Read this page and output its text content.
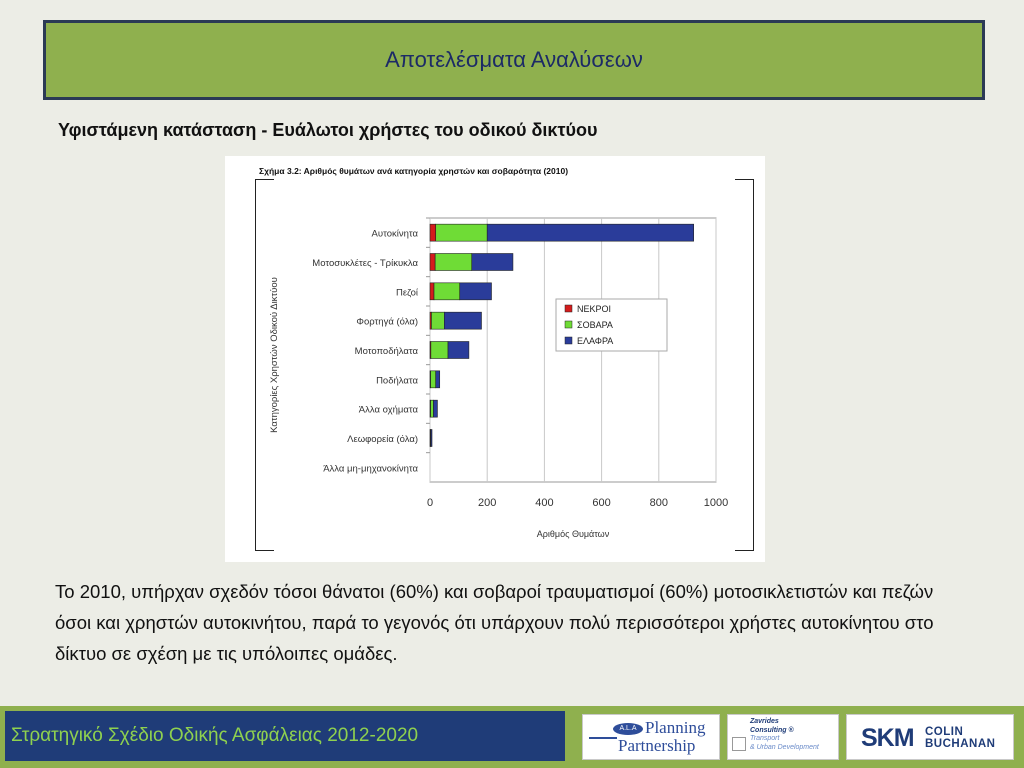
Αποτελέσματα Αναλύσεων
Υφιστάμενη κατάσταση - Ευάλωτοι χρήστες του οδικού δικτύου
Σχήμα 3.2: Αριθμός θυμάτων ανά κατηγορία χρηστών και σοβαρότητα (2010)
0	200	400	600	800	1000
Αριθμός Θυμάτων
Κατηγορίες Χρηστών Οδικού Δικτύου
Αυτοκίνητα
Μοτοσυκλέτες - Τρίκυκλα
Πεζοί
Φορτηγά (όλα)
Μοτοποδήλατα
Ποδήλατα
Άλλα οχήματα
Λεωφορεία (όλα)
Άλλα μη-μηχανοκίνητα
ΝΕΚΡΟΙ
ΣΟΒΑΡΑ
ΕΛΑΦΡΑ
Το 2010, υπήρχαν σχεδόν τόσοι θάνατοι (60%) και σοβαροί τραυματισμοί (60%) μοτοσικλετιστών και πεζών όσοι και χρηστών αυτοκινήτου, παρά το γεγονός ότι υπάρχουν πολύ περισσότεροι χρήστες αυτοκίνητου στο δίκτυο σε σχέση με τις υπόλοιπες ομάδες.
Στρατηγικό Σχέδιο Οδικής Ασφάλειας 2012-2020	A.L.A Planning
Partnership
Zavrides
Consulting ®
Transport
& Urban Development SKM COLIN
BUCHANAN
